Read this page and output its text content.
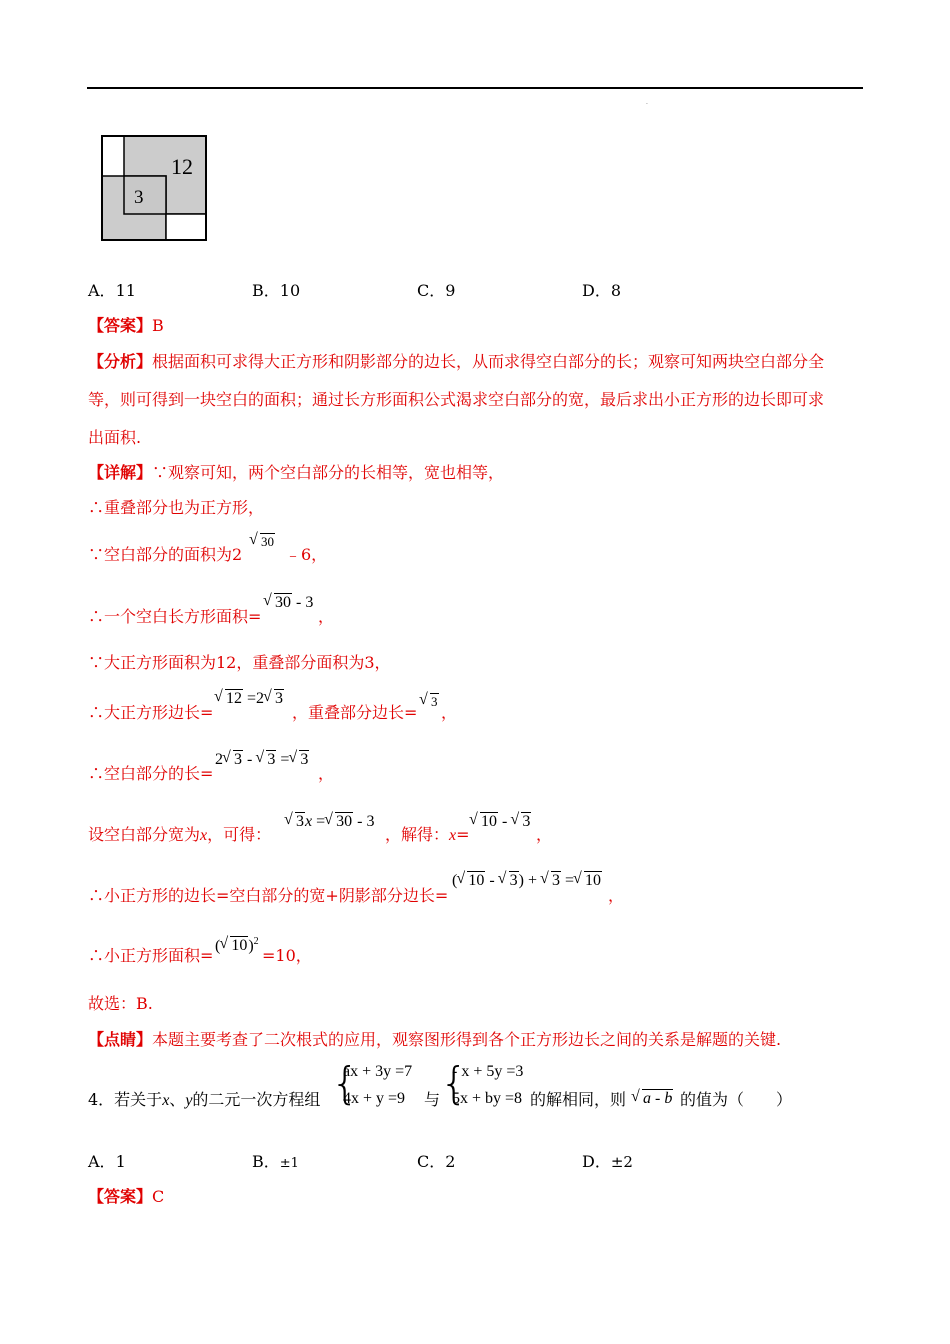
.
12
3
A．11	B．10	C．9	D．8
【答案】B
【分析】根据面积可求得大正方形和阴影部分的边长，从而求得空白部分的长；观察可知两块空白部分全
等，则可得到一块空白的面积；通过长方形面积公式渴求空白部分的宽，最后求出小正方形的边长即可求
出面积.
【详解】∵观察可知，两个空白部分的长相等，宽也相等，
∴重叠部分也为正方形，
∵空白部分的面积为2
√ 30
﹣6，
∴一个空白长方形面积=
√ 30 - 3
，
∵大正方形面积为12，重叠部分面积为3，
∴大正方形边长=
√ 12 =2 √ 3
，重叠部分边长=
√ 3
，
∴空白部分的长=
2 √ 3 - √ 3 = √ 3
，
设空白部分宽为x，可得：
√ 3x = √ 30 - 3
，解得：x=
√ 10 - √ 3
，
∴小正方形的边长=空白部分的宽+阴影部分边长=
( √ 10 - √ 3) + √ 3 = √ 10
，
∴小正方形面积=
( √ 10)$^2$
=10，
故选：B.
【点睛】本题主要考查了二次根式的应用，观察图形得到各个正方形边长之间的关系是解题的关键.
4．若关于x、y的二元一次方程组 {
ax + 3y =7
4x + y =9 与 {
- x + 5y =3
5x + by =8 的解相同，则	√ a - b 的值为（　　）
A．1	B．±1	C．2	D．±2
【答案】C
